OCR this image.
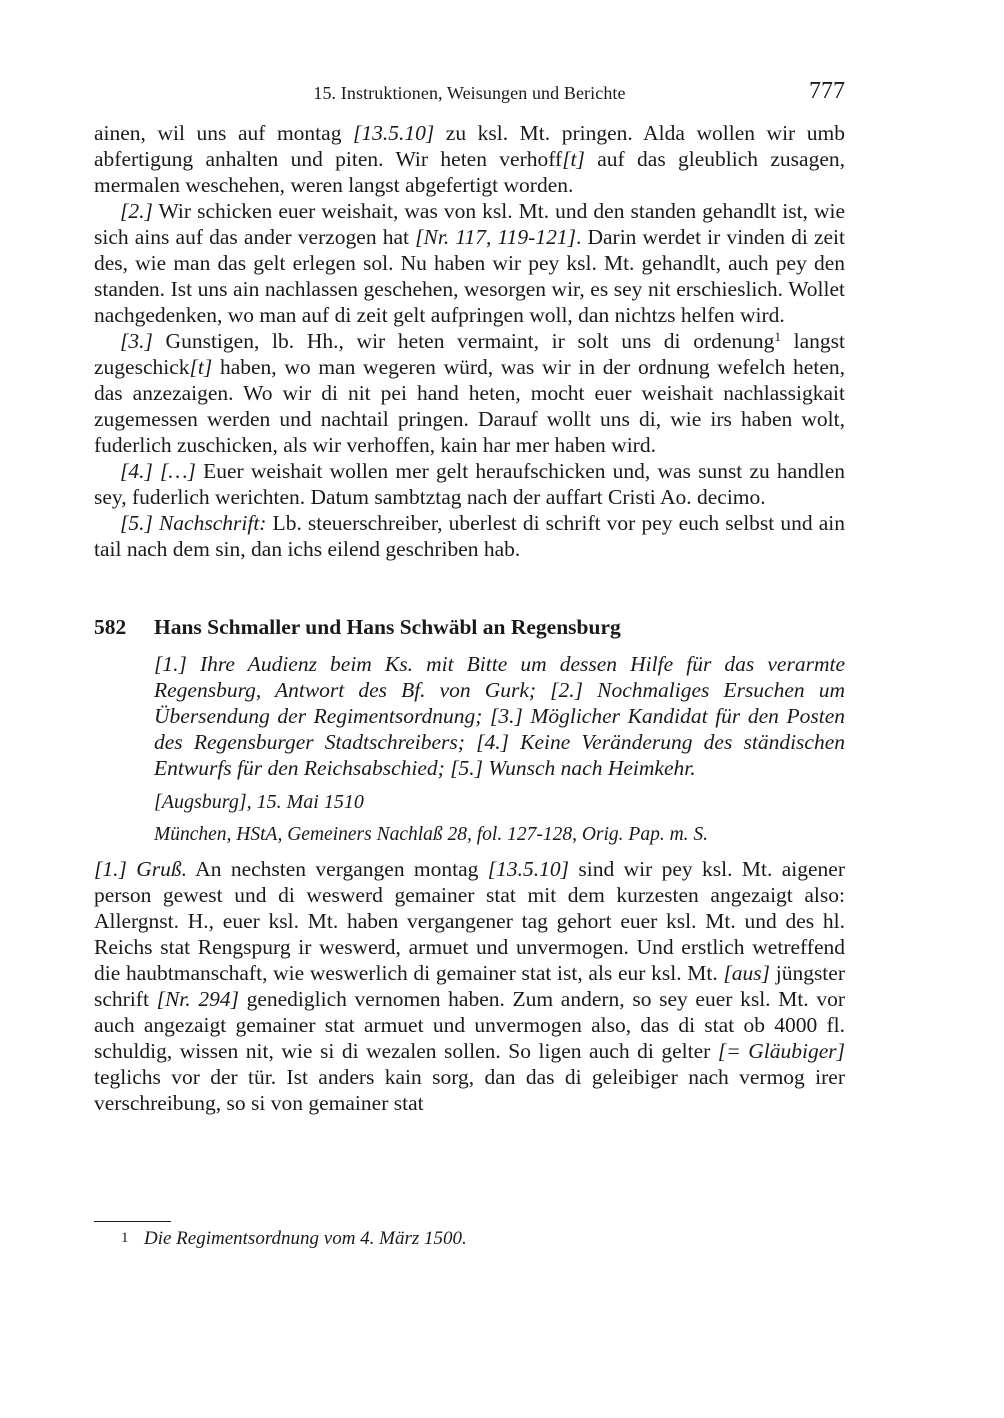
15. Instruktionen, Weisungen und Berichte	777

ainen, wil uns auf montag [13.5.10] zu ksl. Mt. pringen. Alda wollen wir umb abfertigung anhalten und piten. Wir heten verhoff[t] auf das gleublich zusagen, mermalen weschehen, weren langst abgefertigt worden.

[2.] Wir schicken euer weishait, was von ksl. Mt. und den standen gehandlt ist, wie sich ains auf das ander verzogen hat [Nr. 117, 119-121]. Darin werdet ir vinden di zeit des, wie man das gelt erlegen sol. Nu haben wir pey ksl. Mt. gehandlt, auch pey den standen. Ist uns ain nachlassen geschehen, wesorgen wir, es sey nit erschieslich. Wollet nachgedenken, wo man auf di zeit gelt aufpringen woll, dan nichtzs helfen wird.

[3.] Gunstigen, lb. Hh., wir heten vermaint, ir solt uns di ordenung$^1$ langst zugeschick[t] haben, wo man wegeren würd, was wir in der ordnung wefelch heten, das anzezaigen. Wo wir di nit pei hand heten, mocht euer weishait nachlassigkait zugemessen werden und nachtail pringen. Darauf wollt uns di, wie irs haben wolt, fuderlich zuschicken, als wir verhoffen, kain har mer haben wird.

[4.] […] Euer weishait wollen mer gelt heraufschicken und, was sunst zu handlen sey, fuderlich werichten. Datum sambtztag nach der auffart Cristi Ao. decimo.

[5.] Nachschrift: Lb. steuerschreiber, uberlest di schrift vor pey euch selbst und ain tail nach dem sin, dan ichs eilend geschriben hab.

582	Hans Schmaller und Hans Schwäbl an Regensburg

[1.] Ihre Audienz beim Ks. mit Bitte um dessen Hilfe für das verarmte Regensburg, Antwort des Bf. von Gurk; [2.] Nochmaliges Ersuchen um Übersendung der Regimentsordnung; [3.] Möglicher Kandidat für den Posten des Regensburger Stadtschreibers; [4.] Keine Veränderung des ständischen Entwurfs für den Reichsabschied; [5.] Wunsch nach Heimkehr.

[Augsburg], 15. Mai 1510

München, HStA, Gemeiners Nachlaß 28, fol. 127-128, Orig. Pap. m. S.

[1.] Gruß. An nechsten vergangen montag [13.5.10] sind wir pey ksl. Mt. aigener person gewest und di weswerd gemainer stat mit dem kurzesten angezaigt also: Allergnst. H., euer ksl. Mt. haben vergangener tag gehort euer ksl. Mt. und des hl. Reichs stat Rengspurg ir weswerd, armuet und unvermogen. Und erstlich wetreffend die haubtmanschaft, wie weswerlich di gemainer stat ist, als eur ksl. Mt. [aus] jüngster schrift [Nr. 294] genediglich vernomen haben. Zum andern, so sey euer ksl. Mt. vor auch angezaigt gemainer stat armuet und unvermogen also, das di stat ob 4000 fl. schuldig, wissen nit, wie si di wezalen sollen. So ligen auch di gelter [= Gläubiger] teglichs vor der tür. Ist anders kain sorg, dan das di geleibiger nach vermog irer verschreibung, so si von gemainer stat

1 Die Regimentsordnung vom 4. März 1500.
